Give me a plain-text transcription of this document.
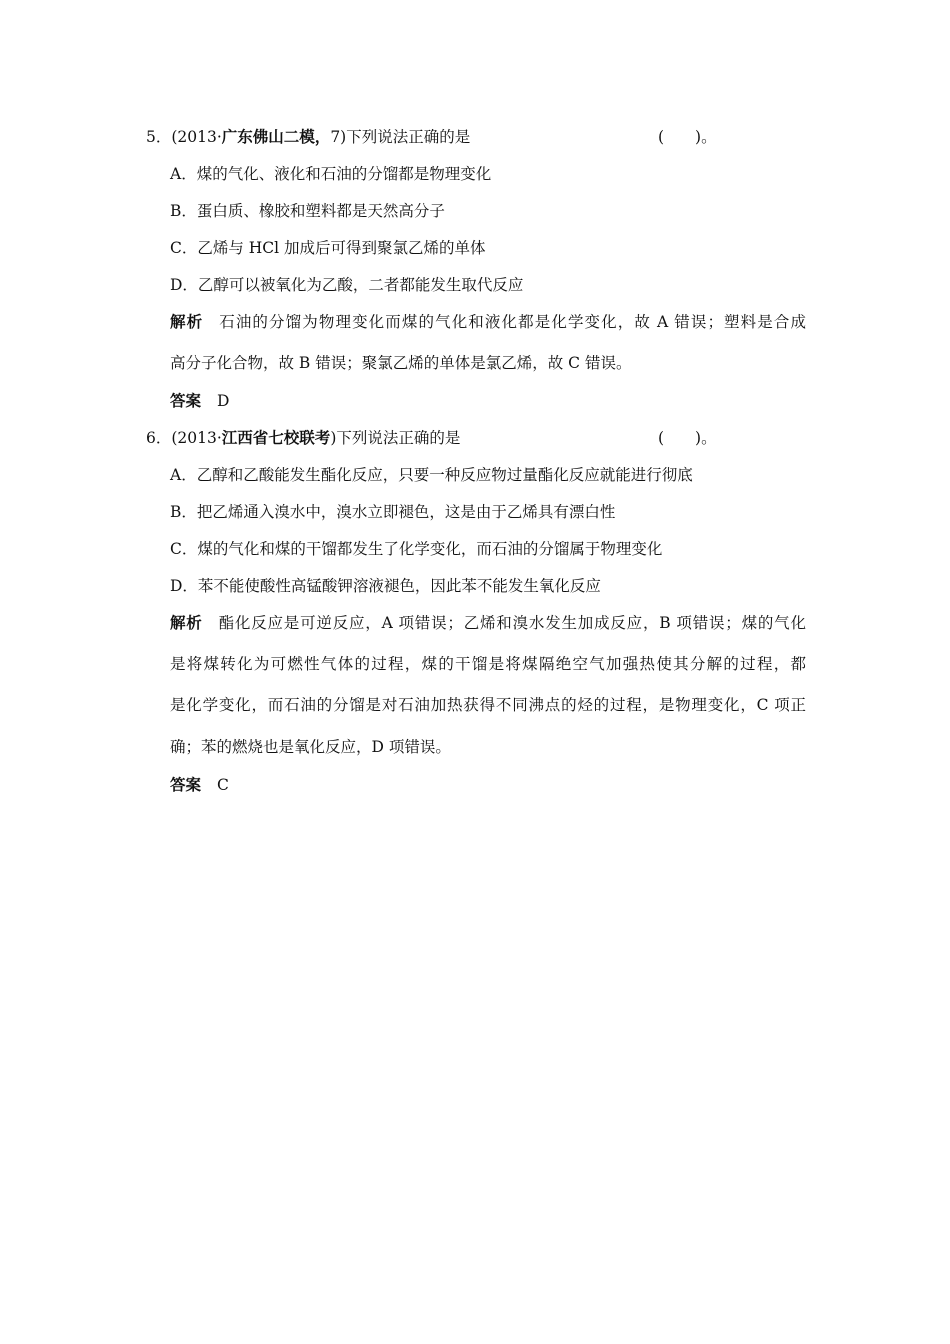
5．(2013·广东佛山二模，7)下列说法正确的是	(　　)。
A．煤的气化、液化和石油的分馏都是物理变化
B．蛋白质、橡胶和塑料都是天然高分子
C．乙烯与 HCl 加成后可得到聚氯乙烯的单体
D．乙醇可以被氧化为乙酸，二者都能发生取代反应
解析 石油的分馏为物理变化而煤的气化和液化都是化学变化，故 A 错误；塑料是合成
高分子化合物，故 B 错误；聚氯乙烯的单体是氯乙烯，故 C 错误。
答案 D
6．(2013·江西省七校联考)下列说法正确的是	(　　)。
A．乙醇和乙酸能发生酯化反应，只要一种反应物过量酯化反应就能进行彻底
B．把乙烯通入溴水中，溴水立即褪色，这是由于乙烯具有漂白性
C．煤的气化和煤的干馏都发生了化学变化，而石油的分馏属于物理变化
D．苯不能使酸性高锰酸钾溶液褪色，因此苯不能发生氧化反应
解析 酯化反应是可逆反应，A 项错误；乙烯和溴水发生加成反应，B 项错误；煤的气化
是将煤转化为可燃性气体的过程，煤的干馏是将煤隔绝空气加强热使其分解的过程，都
是化学变化，而石油的分馏是对石油加热获得不同沸点的烃的过程，是物理变化，C 项正
确；苯的燃烧也是氧化反应，D 项错误。
答案 C
